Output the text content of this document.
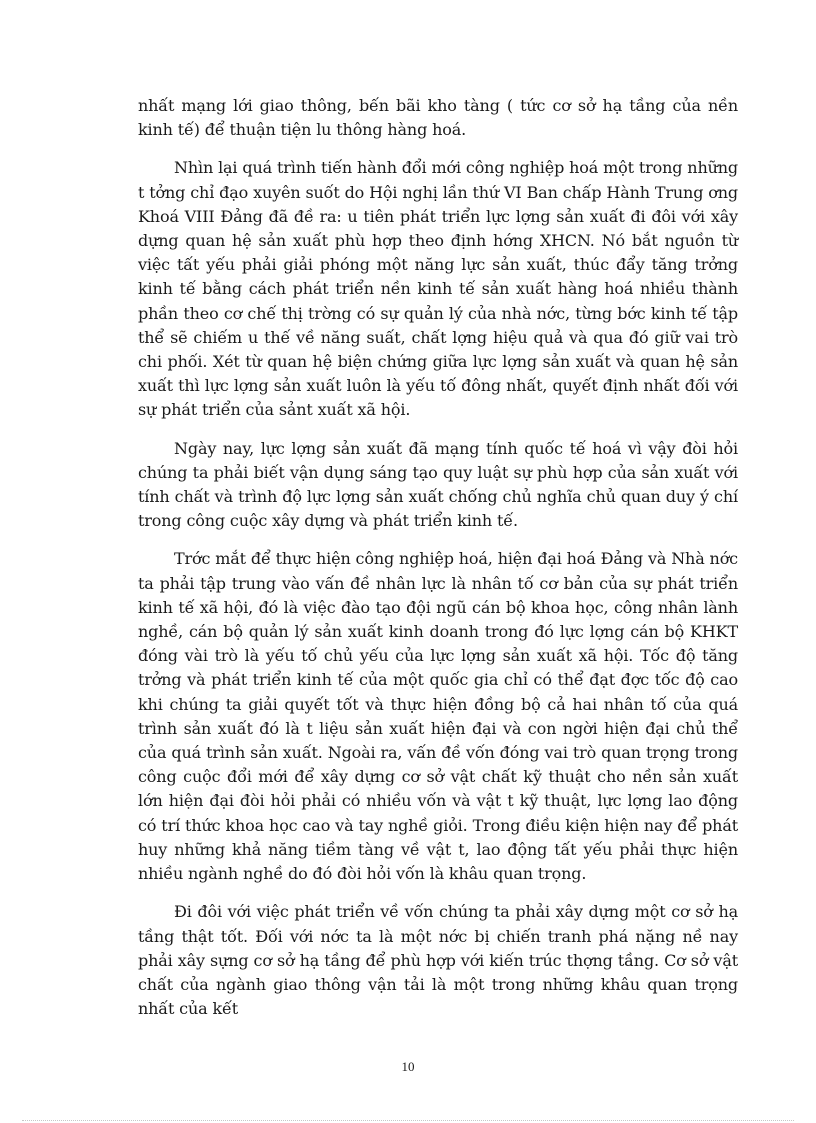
nhất mạng lới giao thông, bến bãi kho tàng ( tức cơ sở hạ tầng của nền kinh tế) để thuận tiện lu thông hàng hoá.

Nhìn lại quá trình tiến hành đổi mới công nghiệp hoá một trong những t tởng chỉ đạo xuyên suốt do Hội nghị lần thứ VI Ban chấp Hành Trung ơng Khoá VIII Đảng đã đề ra: u tiên phát triển lực lợng sản xuất đi đôi với xây dựng quan hệ sản xuất phù hợp theo định hớng XHCN. Nó bắt nguồn từ việc tất yếu phải giải phóng một năng lực sản xuất, thúc đẩy tăng trởng kinh tế bằng cách phát triển nền kinh tế sản xuất hàng hoá nhiều thành phần theo cơ chế thị trờng có sự quản lý của nhà nớc, từng bớc kinh tế tập thể sẽ chiếm u thế về năng suất, chất lợng hiệu quả và qua đó giữ vai trò chi phối. Xét từ quan hệ biện chứng giữa lực lợng sản xuất và quan hệ sản xuất thì lực lợng sản xuất luôn là yếu tố đông nhất, quyết định nhất đối với sự phát triển của sảnt xuất xã hội.

Ngày nay, lực lợng sản xuất đã mạng tính quốc tế hoá vì vậy đòi hỏi chúng ta phải biết vận dụng sáng tạo quy luật sự phù hợp của sản xuất với tính chất và trình độ lực lợng sản xuất chống chủ nghĩa chủ quan duy ý chí trong công cuộc xây dựng và phát triển kinh tế.

Trớc mắt để thực hiện công nghiệp hoá, hiện đại hoá Đảng và Nhà nớc ta phải tập trung vào vấn đề nhân lực là nhân tố cơ bản của sự phát triển kinh tế xã hội, đó là việc đào tạo đội ngũ cán bộ khoa học, công nhân lành nghề, cán bộ quản lý sản xuất kinh doanh trong đó lực lợng cán bộ KHKT đóng vài trò là yếu tố chủ yếu của lực lợng sản xuất xã hội. Tốc độ tăng trởng và phát triển kinh tế của một quốc gia chỉ có thể đạt đợc tốc độ cao khi chúng ta giải quyết tốt và thực hiện đồng bộ cả hai nhân tố của quá trình sản xuất đó là t liệu sản xuất hiện đại và con ngời hiện đại chủ thể của quá trình sản xuất. Ngoài ra, vấn đề vốn đóng vai trò quan trọng trong công cuộc đổi mới để xây dựng cơ sở vật chất kỹ thuật cho nền sản xuất lớn hiện đại đòi hỏi phải có nhiều vốn và vật t kỹ thuật, lực lợng lao động có trí thức khoa học cao và tay nghề giỏi. Trong điều kiện hiện nay để phát huy những khả năng tiềm tàng về vật t, lao động tất yếu phải thực hiện nhiều ngành nghề do đó đòi hỏi vốn là khâu quan trọng.

Đi đôi với việc phát triển về vốn chúng ta phải xây dựng một cơ sở hạ tầng thật tốt. Đối với nớc ta là một nớc bị chiến tranh phá nặng nề nay phải xây sựng cơ sở hạ tầng để phù hợp với kiến trúc thợng tầng. Cơ sở vật chất của ngành giao thông vận tải là một trong những khâu quan trọng nhất của kết

10
